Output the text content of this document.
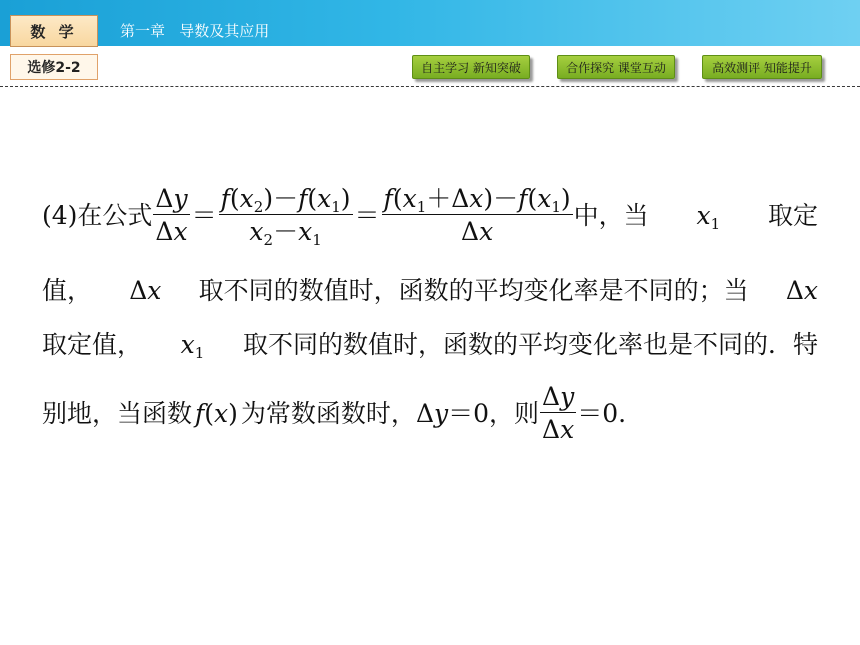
数 学	第一章   导数及其应用
选修2-2	自主学习 新知突破	合作探究 课堂互动	高效测评 知能提升
(4)在公式 $\frac{\Delta y}{\Delta x} = \frac{f(x_2)-f(x_1)}{x_2-x_1} = \frac{f(x_1+\Delta x)-f(x_1)}{\Delta x}$ 中，当 $x_1$ 取定
值， Δx 取不同的数值时，函数的平均变化率是不同的；当 Δx
取定值， $x_1$ 取不同的数值时，函数的平均变化率也是不同的．特
别地，当函数 f(x) 为常数函数时， Δy ＝0，则 $\frac{\Delta y}{\Delta x} =0$.
